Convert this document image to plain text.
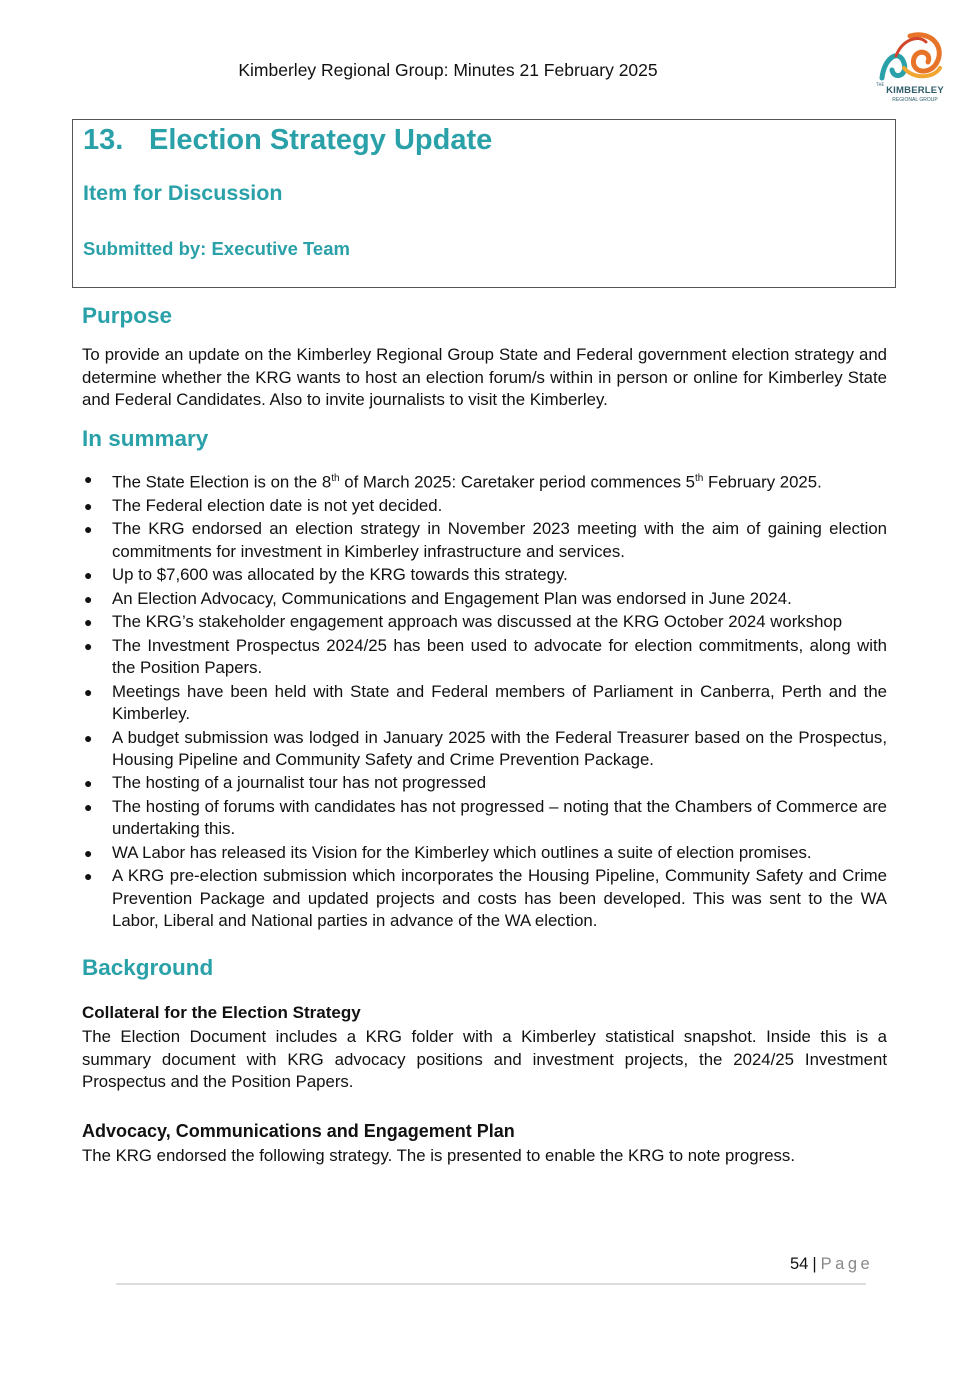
Kimberley Regional Group: Minutes 21 February 2025
THE
KIMBERLEY
REGIONAL GROUP
13. Election Strategy Update
Item for Discussion
Submitted by: Executive Team
Purpose

To provide an update on the Kimberley Regional Group State and Federal government election strategy and determine whether the KRG wants to host an election forum/s within in person or online for Kimberley State and Federal Candidates. Also to invite journalists to visit the Kimberley.

In summary
● The State Election is on the 8th of March 2025: Caretaker period commences 5th February 2025.
● The Federal election date is not yet decided.
● The KRG endorsed an election strategy in November 2023 meeting with the aim of gaining election commitments for investment in Kimberley infrastructure and services.
● Up to $7,600 was allocated by the KRG towards this strategy.
● An Election Advocacy, Communications and Engagement Plan was endorsed in June 2024.
● The KRG’s stakeholder engagement approach was discussed at the KRG October 2024 workshop
● The Investment Prospectus 2024/25 has been used to advocate for election commitments, along with the Position Papers.
● Meetings have been held with State and Federal members of Parliament in Canberra, Perth and the Kimberley.
● A budget submission was lodged in January 2025 with the Federal Treasurer based on the Prospectus, Housing Pipeline and Community Safety and Crime Prevention Package.
● The hosting of a journalist tour has not progressed
● The hosting of forums with candidates has not progressed – noting that the Chambers of Commerce are undertaking this.
● WA Labor has released its Vision for the Kimberley which outlines a suite of election promises.
● A KRG pre-election submission which incorporates the Housing Pipeline, Community Safety and Crime Prevention Package and updated projects and costs has been developed. This was sent to the WA Labor, Liberal and National parties in advance of the WA election.
Background
Collateral for the Election Strategy

The Election Document includes a KRG folder with a Kimberley statistical snapshot. Inside this is a summary document with KRG advocacy positions and investment projects, the 2024/25 Investment Prospectus and the Position Papers.

Advocacy, Communications and Engagement Plan

The KRG endorsed the following strategy. The is presented to enable the KRG to note progress.

54 | Page
